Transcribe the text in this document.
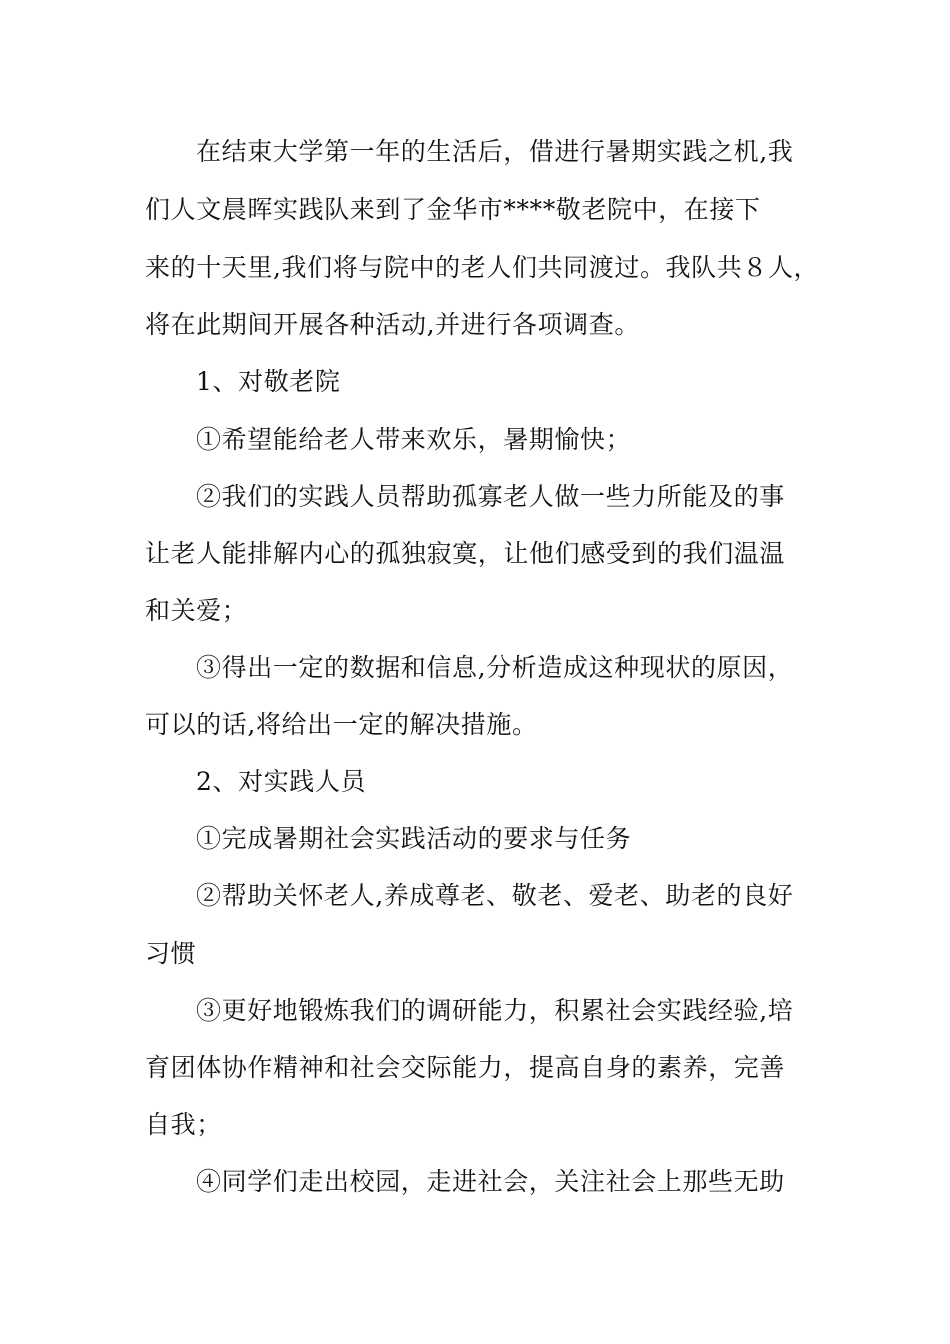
在结束大学第一年的生活后，借进行暑期实践之机,我
们人文晨晖实践队来到了金华市****敬老院中，在接下
来的十天里,我们将与院中的老人们共同渡过。我队共８人，
将在此期间开展各种活动,并进行各项调查。
1、对敬老院
①希望能给老人带来欢乐，暑期愉快；
②我们的实践人员帮助孤寡老人做一些力所能及的事
让老人能排解内心的孤独寂寞，让他们感受到的我们温温
和关爱；
③得出一定的数据和信息,分析造成这种现状的原因，
可以的话,将给出一定的解决措施。
2、对实践人员
①完成暑期社会实践活动的要求与任务
②帮助关怀老人,养成尊老、敬老、爱老、助老的良好
习惯
③更好地锻炼我们的调研能力，积累社会实践经验,培
育团体协作精神和社会交际能力，提高自身的素养，完善
自我；
④同学们走出校园，走进社会，关注社会上那些无助
